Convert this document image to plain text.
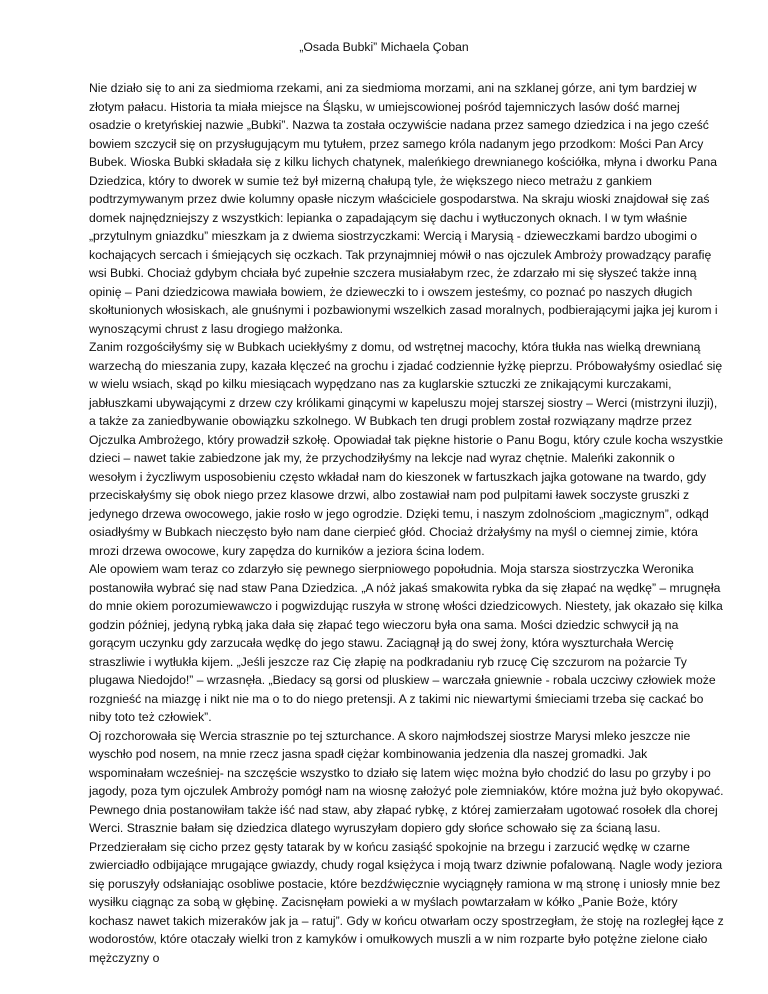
„Osada Bubki” Michaela Çoban

Nie działo się to ani za siedmioma rzekami, ani za siedmioma morzami, ani na szklanej górze, ani tym bardziej w złotym pałacu. Historia ta miała miejsce na Śląsku, w umiejscowionej pośród tajemniczych lasów dość marnej osadzie o kretyńskiej nazwie „Bubki”. Nazwa ta została oczywiście nadana przez samego dziedzica i na jego cześć bowiem szczycił się on przysługującym mu tytułem, przez samego króla nadanym jego przodkom: Mości Pan Arcy Bubek. Wioska Bubki składała się z kilku lichych chatynek, maleńkiego drewnianego kościółka, młyna i dworku Pana Dziedzica, który to dworek w sumie też był mizerną chałupą tyle, że większego nieco metrażu z gankiem podtrzymywanym przez dwie kolumny opasłe niczym właściciele gospodarstwa. Na skraju wioski znajdował się zaś domek najnędzniejszy z wszystkich: lepianka o zapadającym się dachu i wytłuczonych oknach. I w tym właśnie „przytulnym gniazdku” mieszkam ja z dwiema siostrzyczkami: Wercią i Marysią - dzieweczkami bardzo ubogimi o kochających sercach i śmiejących się oczkach. Tak przynajmniej mówił o nas ojczulek Ambroży prowadzący parafię wsi Bubki. Chociaż gdybym chciała być zupełnie szczera musiałabym rzec, że zdarzało mi się słyszeć także inną opinię – Pani dziedzicowa mawiała bowiem, że dzieweczki to i owszem jesteśmy, co poznać po naszych długich skołtunionych włosiskach, ale gnuśnymi i pozbawionymi wszelkich zasad moralnych, podbierającymi jajka jej kurom i wynoszącymi chrust z lasu drogiego małżonka.

Zanim rozgościłyśmy się w Bubkach uciekłyśmy z domu, od wstrętnej macochy, która tłukła nas wielką drewnianą warzechą do mieszania zupy, kazała klęczeć na grochu i zjadać codziennie łyżkę pieprzu. Próbowałyśmy osiedlać się w wielu wsiach, skąd po kilku miesiącach wypędzano nas za kuglarskie sztuczki ze znikającymi kurczakami, jabłuszkami ubywającymi z drzew czy królikami ginącymi w kapeluszu mojej starszej siostry – Werci (mistrzyni iluzji), a także za zaniedbywanie obowiązku szkolnego. W Bubkach ten drugi problem został rozwiązany mądrze przez Ojczulka Ambrożego, który prowadził szkołę. Opowiadał tak piękne historie o Panu Bogu, który czule kocha wszystkie dzieci – nawet takie zabiedzone jak my, że przychodziłyśmy na lekcje nad wyraz chętnie. Maleńki zakonnik o wesołym i życzliwym usposobieniu często wkładał nam do kieszonek w fartuszkach jajka gotowane na twardo, gdy przeciskałyśmy się obok niego przez klasowe drzwi, albo zostawiał nam pod pulpitami ławek soczyste gruszki z jedynego drzewa owocowego, jakie rosło w jego ogrodzie. Dzięki temu, i naszym zdolnościom „magicznym”, odkąd osiadłyśmy w Bubkach nieczęsto było nam dane cierpieć głód. Chociaż drżałyśmy na myśl o ciemnej zimie, która mrozi drzewa owocowe, kury zapędza do kurników a jeziora ścina lodem.

Ale opowiem wam teraz co zdarzyło się pewnego sierpniowego popołudnia. Moja starsza siostrzyczka Weronika postanowiła wybrać się nad staw Pana Dziedzica. „A nóż jakaś smakowita rybka da się złapać na wędkę” – mrugnęła do mnie okiem porozumiewawczo i pogwizdując ruszyła w stronę włości dziedzicowych. Niestety, jak okazało się kilka godzin później, jedyną rybką jaka dała się złapać tego wieczoru była ona sama. Mości dziedzic schwycił ją na gorącym uczynku gdy zarzucała wędkę do jego stawu. Zaciągnął ją do swej żony, która wyszturchała Wercię straszliwie i wytłukła kijem. „Jeśli jeszcze raz Cię złapię na podkradaniu ryb rzucę Cię szczurom na pożarcie Ty plugawa Niedojdo!” – wrzasnęła. „Biedacy są gorsi od pluskiew – warczała gniewnie - robala uczciwy człowiek może rozgnieść na miazgę i nikt nie ma o to do niego pretensji. A z takimi nic niewartymi śmieciami trzeba się cackać bo niby toto też człowiek”.

Oj rozchorowała się Wercia strasznie po tej szturchance. A skoro najmłodszej siostrze Marysi mleko jeszcze nie wyschło pod nosem, na mnie rzecz jasna spadł ciężar kombinowania jedzenia dla naszej gromadki. Jak wspominałam wcześniej- na szczęście wszystko to działo się latem więc można było chodzić do lasu po grzyby i po jagody, poza tym ojczulek Ambroży pomógł nam na wiosnę założyć pole ziemniaków, które można już było okopywać. Pewnego dnia postanowiłam także iść nad staw, aby złapać rybkę, z której zamierzałam ugotować rosołek dla chorej Werci. Strasznie bałam się dziedzica dlatego wyruszyłam dopiero gdy słońce schowało się za ścianą lasu. Przedzierałam się cicho przez gęsty tatarak by w końcu zasiąść spokojnie na brzegu i zarzucić wędkę w czarne zwierciadło odbijające mrugające gwiazdy, chudy rogal księżyca i moją twarz dziwnie pofalowaną. Nagle wody jeziora się poruszyły odsłaniając osobliwe postacie, które bezdźwięcznie wyciągnęły ramiona w mą stronę i uniosły mnie bez wysiłku ciągnąc za sobą w głębinę. Zacisnęłam powieki a w myślach powtarzałam w kółko „Panie Boże, który kochasz nawet takich mizeraków jak ja – ratuj”. Gdy w końcu otwarłam oczy spostrzegłam, że stoję na rozległej łące z wodorostów, które otaczały wielki tron z kamyków i omułkowych muszli a w nim rozparte było potężne zielone ciało mężczyzny o
